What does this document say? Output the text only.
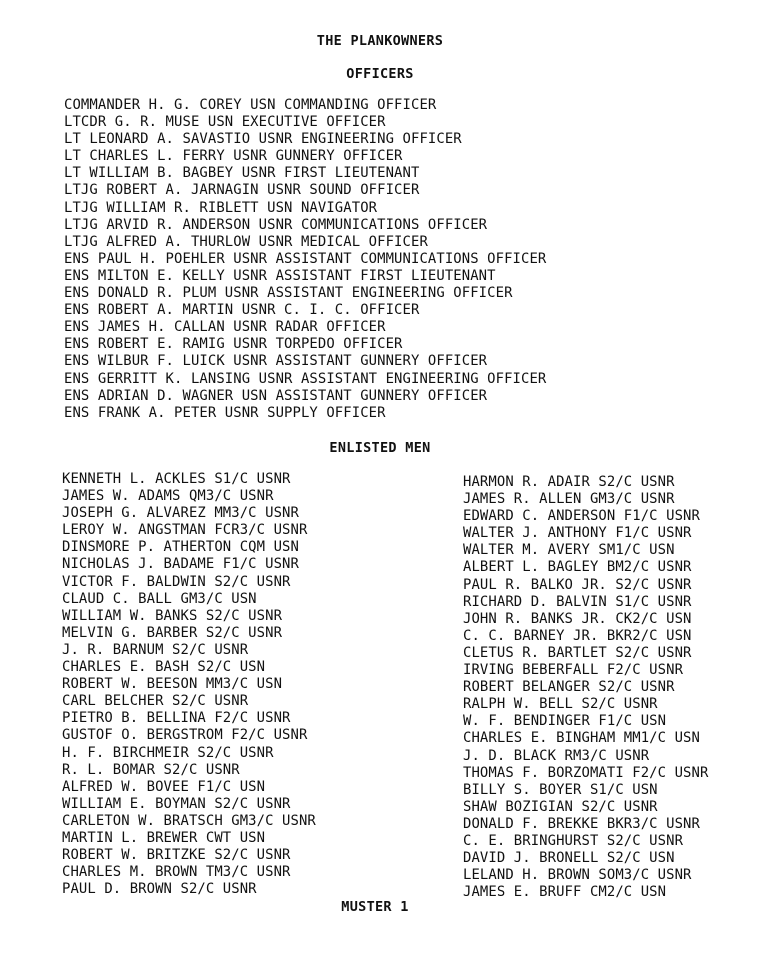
THE PLANKOWNERS
OFFICERS
COMMANDER H. G. COREY USN COMMANDING OFFICER
LTCDR G. R. MUSE USN EXECUTIVE OFFICER
LT LEONARD A. SAVASTIO USNR ENGINEERING OFFICER
LT CHARLES L. FERRY USNR GUNNERY OFFICER
LT WILLIAM B. BAGBEY USNR FIRST LIEUTENANT
LTJG ROBERT A. JARNAGIN USNR SOUND OFFICER
LTJG WILLIAM R. RIBLETT USN NAVIGATOR
LTJG ARVID R. ANDERSON USNR COMMUNICATIONS OFFICER
LTJG ALFRED A. THURLOW USNR MEDICAL OFFICER
ENS PAUL H. POEHLER USNR ASSISTANT COMMUNICATIONS OFFICER
ENS MILTON E. KELLY USNR ASSISTANT FIRST LIEUTENANT
ENS DONALD R. PLUM USNR ASSISTANT ENGINEERING OFFICER
ENS ROBERT A. MARTIN USNR C. I. C. OFFICER
ENS JAMES H. CALLAN USNR RADAR OFFICER
ENS ROBERT E. RAMIG USNR TORPEDO OFFICER
ENS WILBUR F. LUICK USNR ASSISTANT GUNNERY OFFICER
ENS GERRITT K. LANSING USNR ASSISTANT ENGINEERING OFFICER
ENS ADRIAN D. WAGNER USN ASSISTANT GUNNERY OFFICER
ENS FRANK A. PETER USNR SUPPLY OFFICER
ENLISTED MEN
KENNETH L. ACKLES S1/C USNR
JAMES W. ADAMS QM3/C USNR
JOSEPH G. ALVAREZ MM3/C USNR
LEROY W. ANGSTMAN FCR3/C USNR
DINSMORE P. ATHERTON CQM USN
NICHOLAS J. BADAME F1/C USNR
VICTOR F. BALDWIN S2/C USNR
CLAUD C. BALL GM3/C USN
WILLIAM W. BANKS S2/C USNR
MELVIN G. BARBER S2/C USNR
J. R. BARNUM S2/C USNR
CHARLES E. BASH S2/C USN
ROBERT W. BEESON MM3/C USN
CARL BELCHER S2/C USNR
PIETRO B. BELLINA F2/C USNR
GUSTOF O. BERGSTROM F2/C USNR
H. F. BIRCHMEIR S2/C USNR
R. L. BOMAR S2/C USNR
ALFRED W. BOVEE F1/C USN
WILLIAM E. BOYMAN S2/C USNR
CARLETON W. BRATSCH GM3/C USNR
MARTIN L. BREWER CWT USN
ROBERT W. BRITZKE S2/C USNR
CHARLES M. BROWN TM3/C USNR
PAUL D. BROWN S2/C USNR
HARMON R. ADAIR S2/C USNR
JAMES R. ALLEN GM3/C USNR
EDWARD C. ANDERSON F1/C USNR
WALTER J. ANTHONY F1/C USNR
WALTER M. AVERY SM1/C USN
ALBERT L. BAGLEY BM2/C USNR
PAUL R. BALKO JR. S2/C USNR
RICHARD D. BALVIN S1/C USNR
JOHN R. BANKS JR. CK2/C USN
C. C. BARNEY JR. BKR2/C USN
CLETUS R. BARTLET S2/C USNR
IRVING BEBERFALL F2/C USNR
ROBERT BELANGER S2/C USNR
RALPH W. BELL S2/C USNR
W. F. BENDINGER F1/C USN
CHARLES E. BINGHAM MM1/C USN
J. D. BLACK RM3/C USNR
THOMAS F. BORZOMATI F2/C USNR
BILLY S. BOYER S1/C USN
SHAW BOZIGIAN S2/C USNR
DONALD F. BREKKE BKR3/C USNR
C. E. BRINGHURST S2/C USNR
DAVID J. BRONELL S2/C USN
LELAND H. BROWN SOM3/C USNR
JAMES E. BRUFF CM2/C USN
MUSTER 1
